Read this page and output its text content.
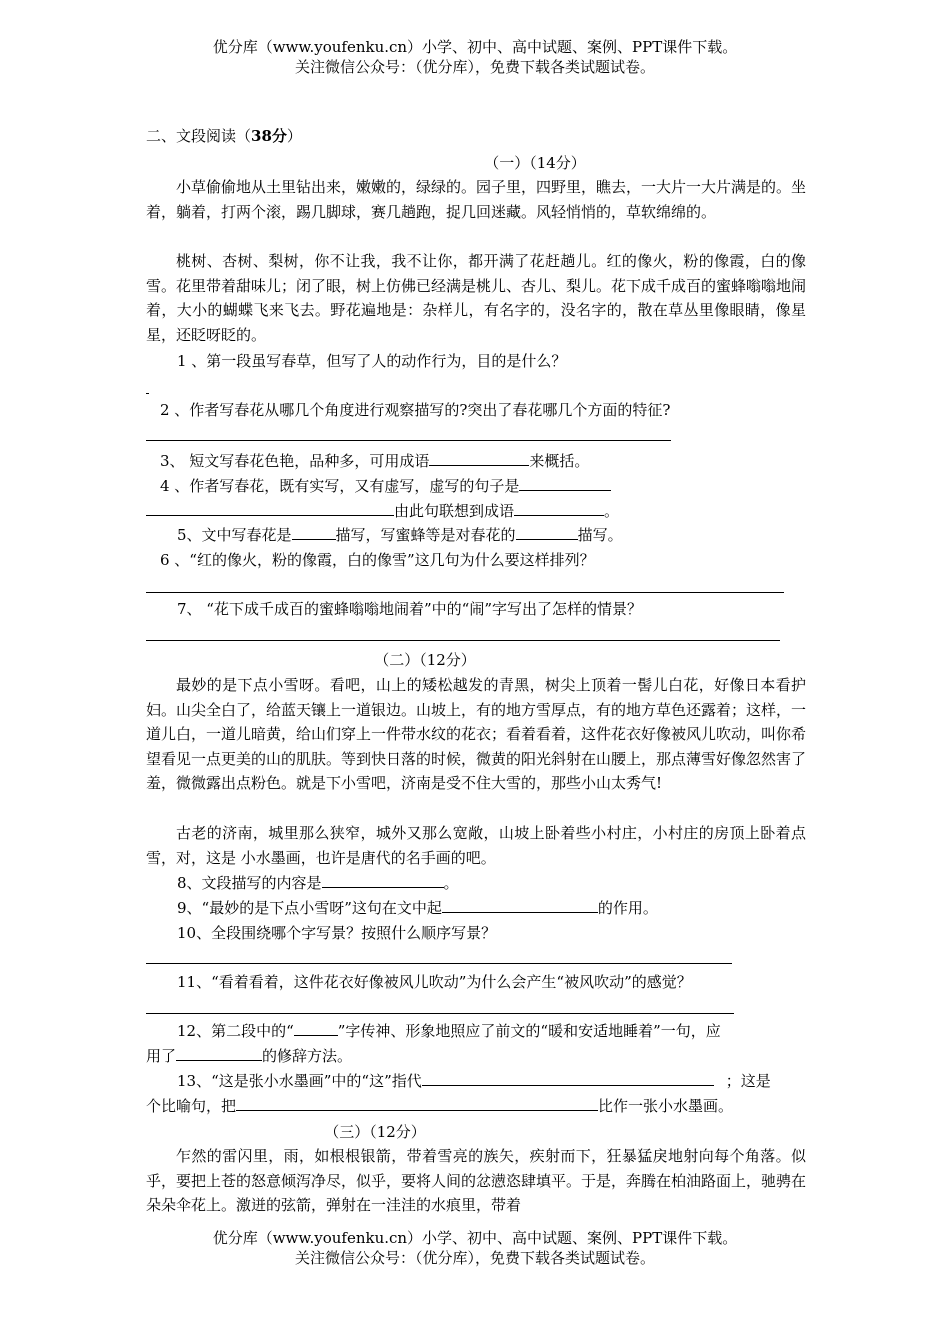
优分库（www.youfenku.cn）小学、初中、高中试题、案例、PPT课件下载。
关注微信公众号：（优分库），免费下载各类试题试卷。
二、文段阅读（38分）
（一）（14分）
小草偷偷地从土里钻出来，嫩嫩的，绿绿的。园子里，四野里，瞧去，一大片一大片满是的。坐着，躺着，打两个滚，踢几脚球，赛几趟跑，捉几回迷藏。风轻悄悄的，草软绵绵的。
桃树、杏树、梨树，你不让我，我不让你，都开满了花赶趟儿。红的像火，粉的像霞，白的像雪。花里带着甜味儿；闭了眼，树上仿佛已经满是桃儿、杏儿、梨儿。花下成千成百的蜜蜂嗡嗡地闹着，大小的蝴蝶飞来飞去。野花遍地是：杂样儿，有名字的，没名字的，散在草丛里像眼睛，像星星，还眨呀眨的。
1 、第一段虽写春草，但写了人的动作行为，目的是什么？
2 、作者写春花从哪几个角度进行观察描写的?突出了春花哪几个方面的特征?
3、 短文写春花色艳，品种多，可用成语	来概括。
4 、作者写春花，既有实写，又有虚写，虚写的句子是
由此句联想到成语	。
5、文中写春花是	描写，写蜜蜂等是对春花的	描写。
6 、“红的像火，粉的像霞，白的像雪”这几句为什么要这样排列？
7、 “花下成千成百的蜜蜂嗡嗡地闹着”中的“闹”字写出了怎样的情景？
（二）（12分）
最妙的是下点小雪呀。看吧，山上的矮松越发的青黑，树尖上顶着一髻儿白花，好像日本看护妇。山尖全白了，给蓝天镶上一道银边。山坡上，有的地方雪厚点，有的地方草色还露着；这样，一道儿白，一道儿暗黄，给山们穿上一件带水纹的花衣；看着看着，这件花衣好像被风儿吹动，叫你希望看见一点更美的山的肌肤。等到快日落的时候，微黄的阳光斜射在山腰上，那点薄雪好像忽然害了羞，微微露出点粉色。就是下小雪吧，济南是受不住大雪的，那些小山太秀气!
古老的济南，城里那么狭窄，城外又那么宽敞，山坡上卧着些小村庄，小村庄的房顶上卧着点雪，对，这是 小水墨画，也许是唐代的名手画的吧。
8、文段描写的内容是	。
9、“最妙的是下点小雪呀”这句在文中起	的作用。
10、全段围绕哪个字写景？按照什么顺序写景？
11、“看着看着，这件花衣好像被风儿吹动”为什么会产生“被风吹动”的感觉？
12、第二段中的“	”字传神、形象地照应了前文的“暖和安适地睡着”一句，应
用了	的修辞方法。
13、“这是张小水墨画”中的“这”指代	；这是
个比喻句，把	比作一张小水墨画。
（三）（12分）
乍然的雷闪里，雨，如根根银箭，带着雪亮的族矢，疾射而下，狂暴猛戾地射向每个角落。似乎，要把上苍的怒意倾泻净尽，似乎，要将人间的忿懑恣肆填平。于是，奔腾在柏油路面上，驰骋在朵朵伞花上。激迸的弦箭，弹射在一洼洼的水痕里，带着
优分库（www.youfenku.cn）小学、初中、高中试题、案例、PPT课件下载。
关注微信公众号：（优分库），免费下载各类试题试卷。
